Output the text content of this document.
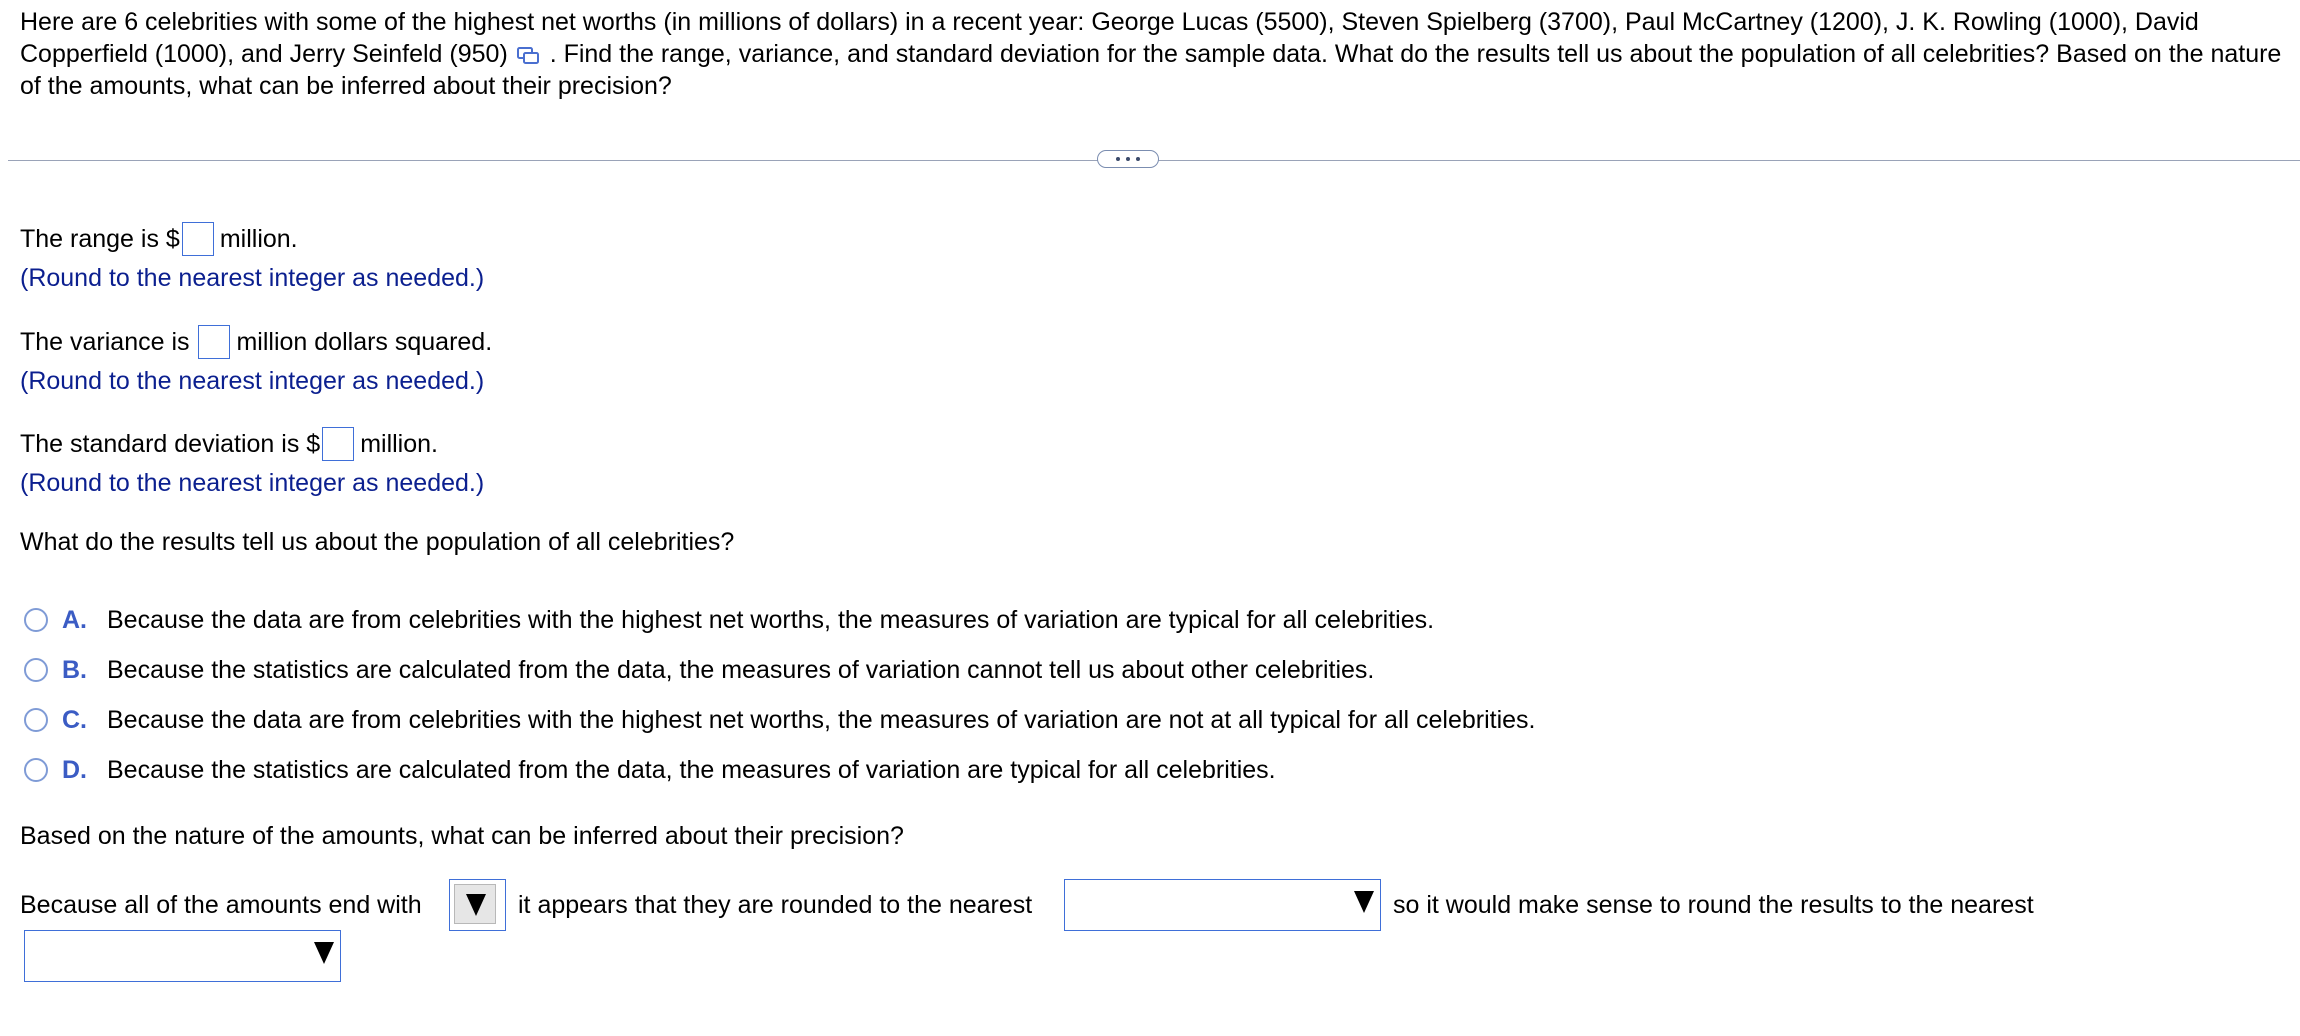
Here are 6 celebrities with some of the highest net worths (in millions of dollars) in a recent year: George Lucas (5500), Steven Spielberg (3700), Paul McCartney (1200), J. K. Rowling (1000), David Copperfield (1000), and Jerry Seinfeld (950) . Find the range, variance, and standard deviation for the sample data. What do the results tell us about the population of all celebrities? Based on the nature of the amounts, what can be inferred about their precision?
The range is $ million.
(Round to the nearest integer as needed.)
The variance is million dollars squared.
(Round to the nearest integer as needed.)
The standard deviation is $ million.
(Round to the nearest integer as needed.)
What do the results tell us about the population of all celebrities?
A. Because the data are from celebrities with the highest net worths, the measures of variation are typical for all celebrities.
B. Because the statistics are calculated from the data, the measures of variation cannot tell us about other celebrities.
C. Because the data are from celebrities with the highest net worths, the measures of variation are not at all typical for all celebrities.
D. Because the statistics are calculated from the data, the measures of variation are typical for all celebrities.
Based on the nature of the amounts, what can be inferred about their precision?
Because all of the amounts end with	it appears that they are rounded to the nearest	so it would make sense to round the results to the nearest
